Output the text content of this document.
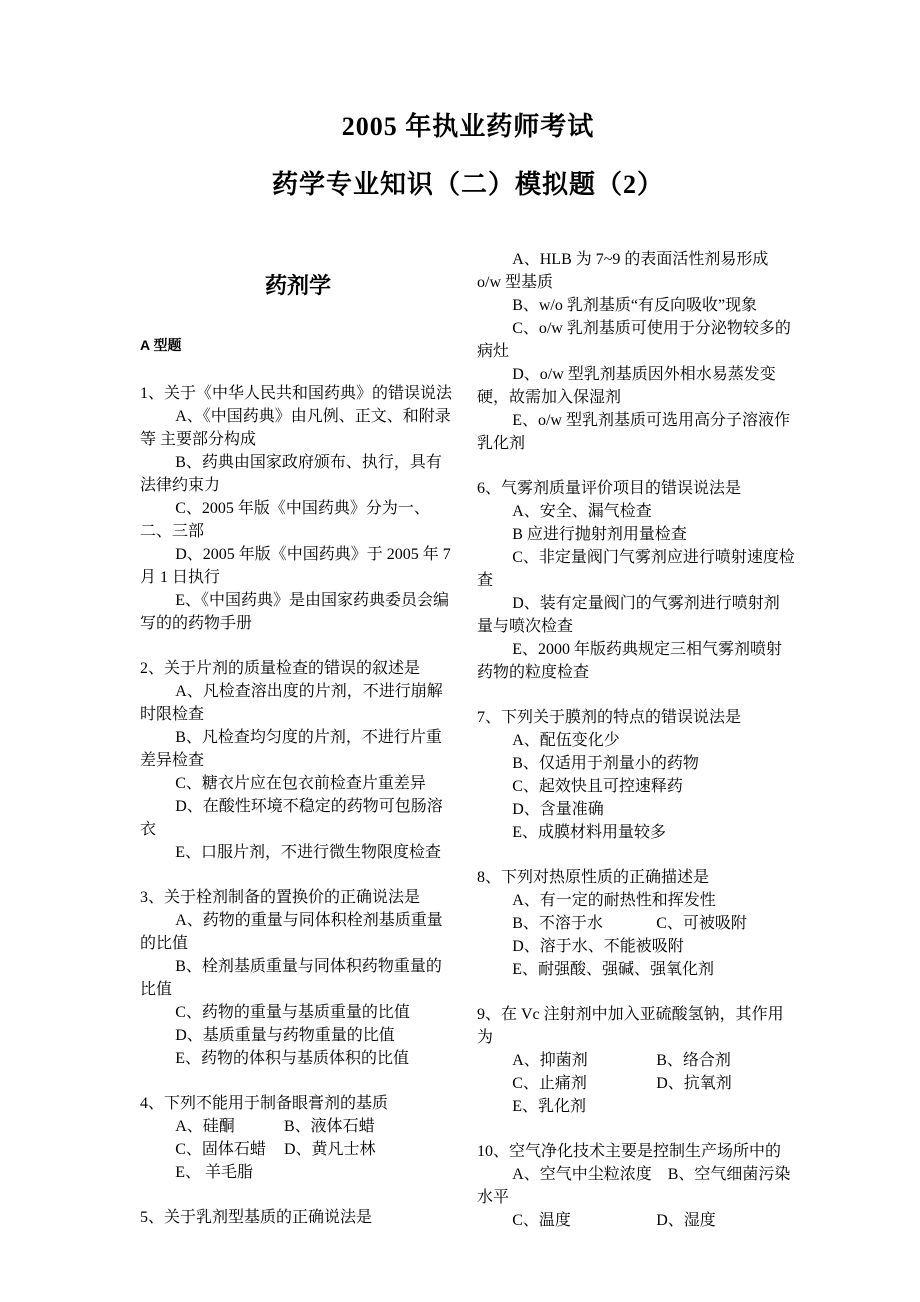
2005 年执业药师考试
药学专业知识（二）模拟题（2）
药剂学
A 型题

1、关于《中华人民共和国药典》的错误说法

A、《中国药典》由凡例、正文、和附录等 主要部分构成

B、药典由国家政府颁布、执行，具有法律约束力

C、2005 年版《中国药典》分为一、二、三部

D、2005 年版《中国药典》于 2005 年 7 月 1 日执行

E、《中国药典》是由国家药典委员会编写的的药物手册

2、关于片剂的质量检查的错误的叙述是

A、凡检查溶出度的片剂，不进行崩解时限检查

B、凡检查均匀度的片剂，不进行片重差异检查

C、糖衣片应在包衣前检查片重差异

D、在酸性环境不稳定的药物可包肠溶衣

E、口服片剂，不进行微生物限度检查

3、关于栓剂制备的置换价的正确说法是

A、药物的重量与同体积栓剂基质重量的比值

B、栓剂基质重量与同体积药物重量的比值

C、药物的重量与基质重量的比值

D、基质重量与药物重量的比值

E、药物的体积与基质体积的比值

4、下列不能用于制备眼膏剂的基质

A、硅酮	B、液体石蜡

C、固体石蜡 D、黄凡士林

E、 羊毛脂

5、关于乳剂型基质的正确说法是

A、HLB 为 7~9 的表面活性剂易形成 o/w 型基质

B、w/o 乳剂基质“有反向吸收”现象

C、o/w 乳剂基质可使用于分泌物较多的病灶

D、o/w 型乳剂基质因外相水易蒸发变硬，故需加入保湿剂

E、o/w 型乳剂基质可选用高分子溶液作乳化剂

6、气雾剂质量评价项目的错误说法是

A、安全、漏气检查

B 应进行抛射剂用量检查

C、非定量阀门气雾剂应进行喷射速度检查

D、装有定量阀门的气雾剂进行喷射剂量与喷次检查

E、2000 年版药典规定三相气雾剂喷射药物的粒度检查

7、下列关于膜剂的特点的错误说法是

A、配伍变化少

B、仅适用于剂量小的药物

C、起效快且可控速释药

D、含量准确

E、成膜材料用量较多

8、下列对热原性质的正确描述是

A、有一定的耐热性和挥发性

B、不溶于水	C、可被吸附

D、溶于水、不能被吸附

E、耐强酸、强碱、强氧化剂

9、在 Vc 注射剂中加入亚硫酸氢钠，其作用为

A、抑菌剂	B、络合剂

C、止痛剂	D、抗氧剂

E、乳化剂

10、空气净化技术主要是控制生产场所中的

A、空气中尘粒浓度 B、空气细菌污染水平

C、温度	D、湿度
